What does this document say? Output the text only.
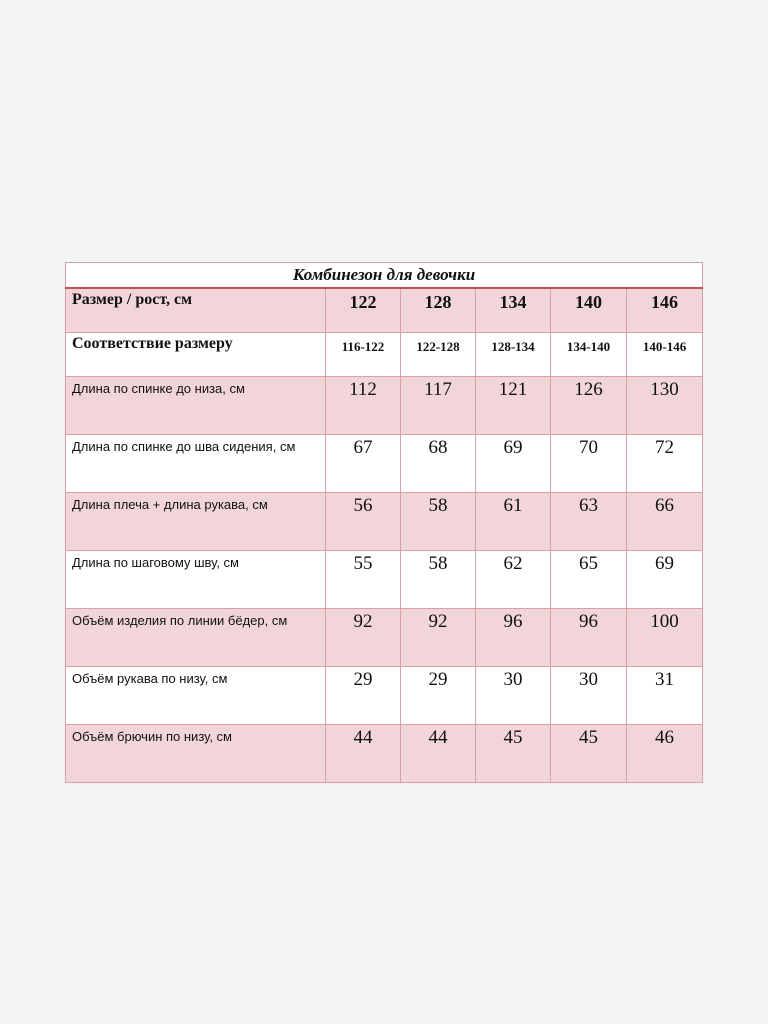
Комбинезон для девочки					
Размер / рост, см	122	128	134	140	146
Соответствие размеру	116-122	122-128	128-134	134-140	140-146
Длина по спинке до низа, см	112	117	121	126	130
Длина по спинке до шва сидения, см	67	68	69	70	72
Длина плеча + длина рукава, см	56	58	61	63	66
Длина по шаговому шву, см	55	58	62	65	69
Объём изделия по линии бёдер, см	92	92	96	96	100
Объём рукава по низу, см	29	29	30	30	31
Объём брючин по низу, см	44	44	45	45	46
